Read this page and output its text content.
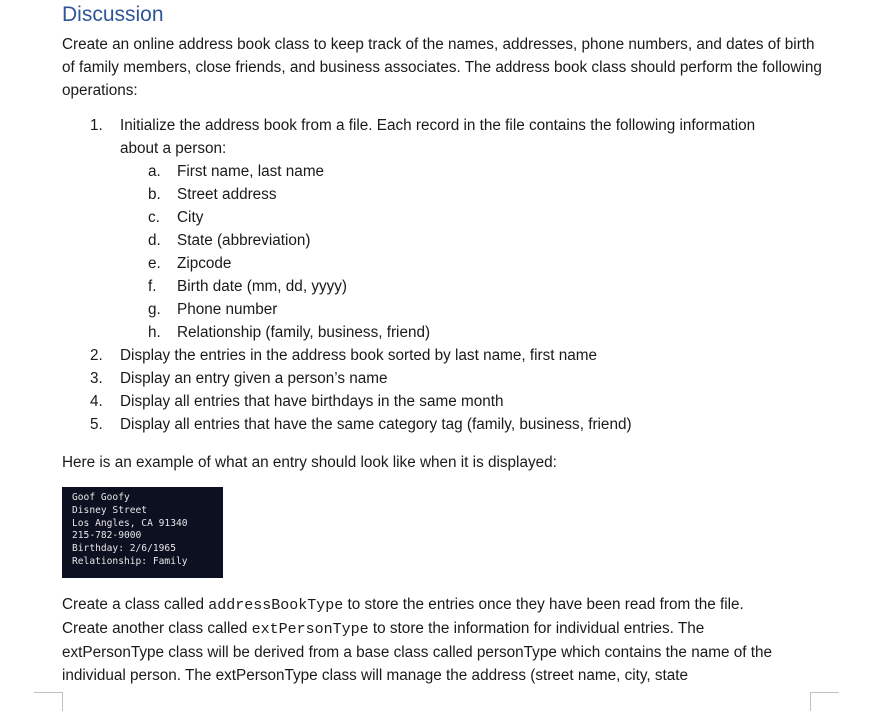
Discussion
Create an online address book class to keep track of the names, addresses, phone numbers, and dates of birth of family members, close friends, and business associates. The address book class should perform the following operations:
1. Initialize the address book from a file. Each record in the file contains the following information
about a person:
a. First name, last name
b. Street address
c. City
d. State (abbreviation)
e. Zipcode
f. Birth date (mm, dd, yyyy)
g. Phone number
h. Relationship (family, business, friend)
2. Display the entries in the address book sorted by last name, first name
3. Display an entry given a person’s name
4. Display all entries that have birthdays in the same month
5. Display all entries that have the same category tag (family, business, friend)
Here is an example of what an entry should look like when it is displayed:
Goof Goofy
Disney Street
Los Angles, CA 91340
215-782-9000
Birthday: 2/6/1965
Relationship: Family
Create a class called addressBookType to store the entries once they have been read from the file.
Create another class called extPersonType to store the information for individual entries. The
extPersonType class will be derived from a base class called personType which contains the name of the
individual person. The extPersonType class will manage the address (street name, city, state
